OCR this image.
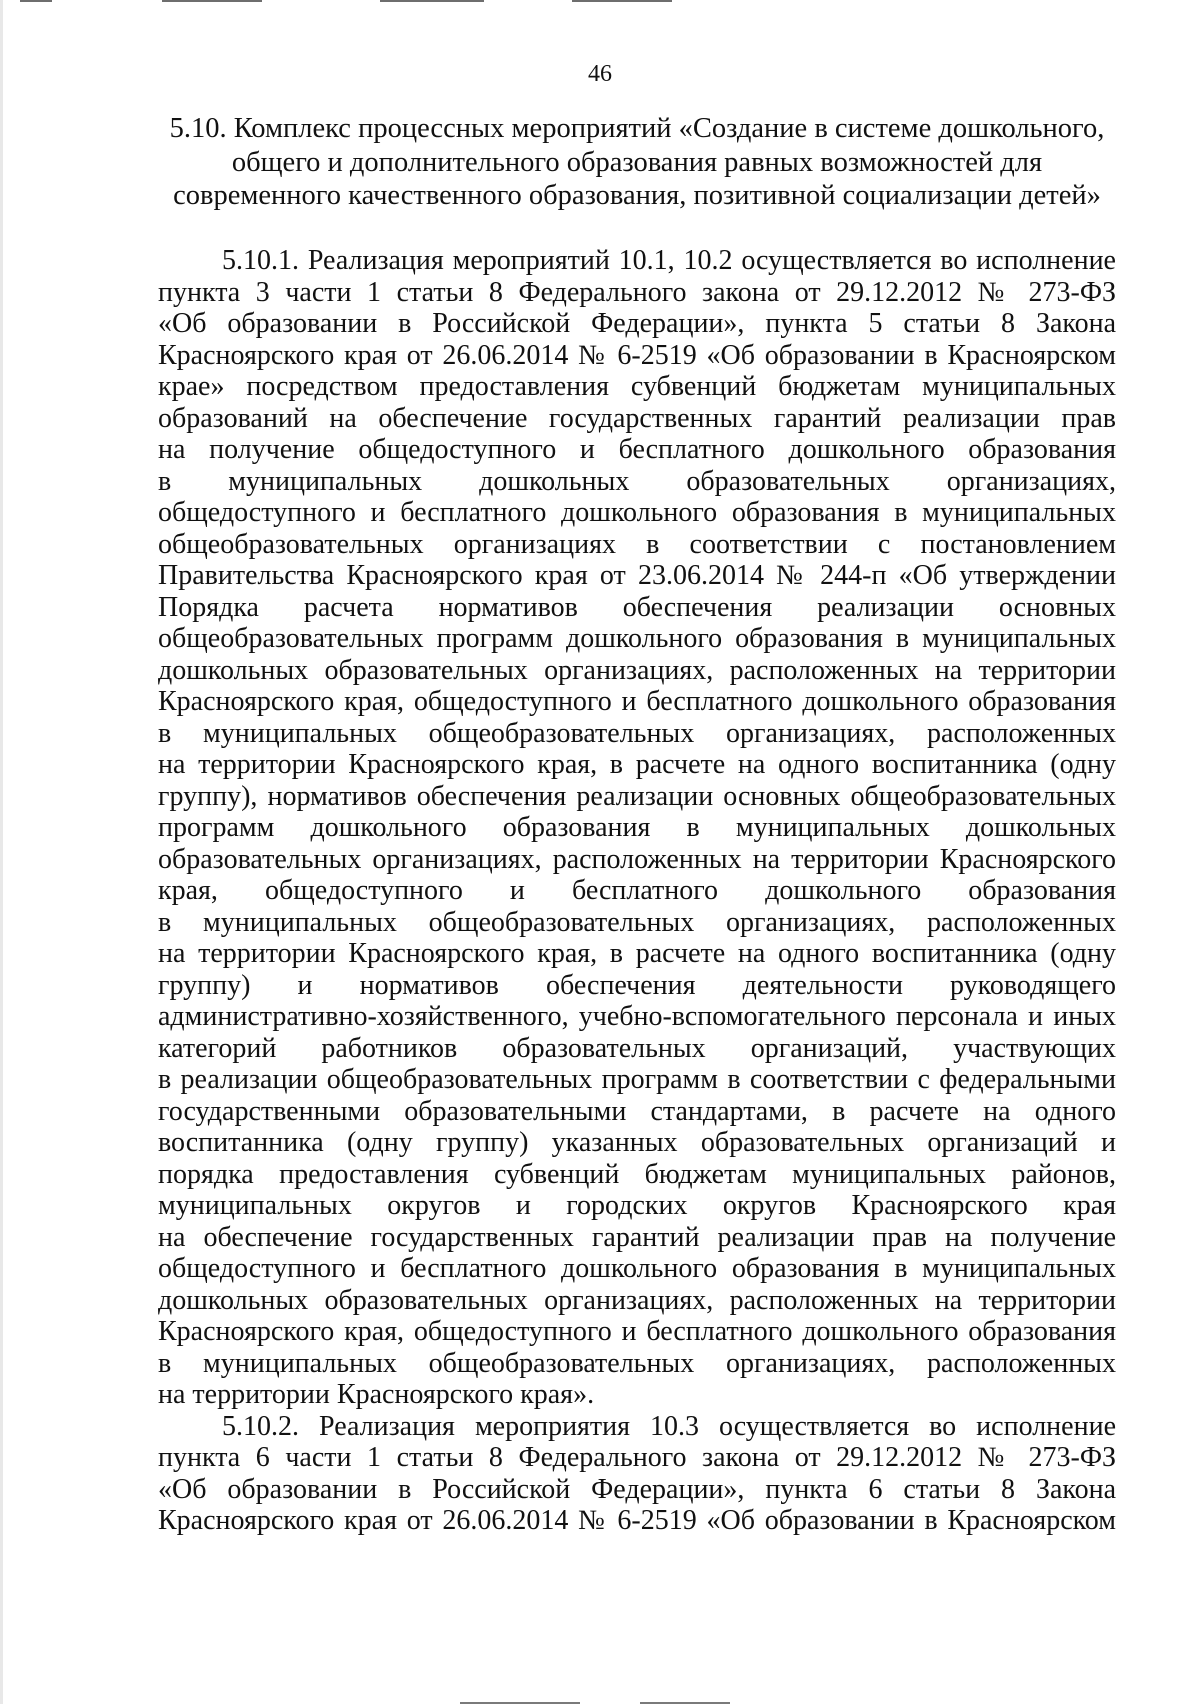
46
5.10. Комплекс процессных мероприятий «Создание в системе дошкольного,
общего и дополнительного образования равных возможностей для
современного качественного образования, позитивной социализации детей»
5.10.1. Реализация мероприятий 10.1, 10.2 осуществляется во исполнение
пункта 3 части 1 статьи 8 Федерального закона от 29.12.2012 № 273-ФЗ
«Об образовании в Российской Федерации», пункта 5 статьи 8 Закона
Красноярского края от 26.06.2014 № 6-2519 «Об образовании в Красноярском
крае» посредством предоставления субвенций бюджетам муниципальных
образований на обеспечение государственных гарантий реализации прав
на получение общедоступного и бесплатного дошкольного образования
в муниципальных дошкольных образовательных организациях,
общедоступного и бесплатного дошкольного образования в муниципальных
общеобразовательных организациях в соответствии с постановлением
Правительства Красноярского края от 23.06.2014 № 244-п «Об утверждении
Порядка расчета нормативов обеспечения реализации основных
общеобразовательных программ дошкольного образования в муниципальных
дошкольных образовательных организациях, расположенных на территории
Красноярского края, общедоступного и бесплатного дошкольного образования
в муниципальных общеобразовательных организациях, расположенных
на территории Красноярского края, в расчете на одного воспитанника (одну
группу), нормативов обеспечения реализации основных общеобразовательных
программ дошкольного образования в муниципальных дошкольных
образовательных организациях, расположенных на территории Красноярского
края, общедоступного и бесплатного дошкольного образования
в муниципальных общеобразовательных организациях, расположенных
на территории Красноярского края, в расчете на одного воспитанника (одну
группу) и нормативов обеспечения деятельности руководящего
административно-хозяйственного, учебно-вспомогательного персонала и иных
категорий работников образовательных организаций, участвующих
в реализации общеобразовательных программ в соответствии с федеральными
государственными образовательными стандартами, в расчете на одного
воспитанника (одну группу) указанных образовательных организаций и
порядка предоставления субвенций бюджетам муниципальных районов,
муниципальных округов и городских округов Красноярского края
на обеспечение государственных гарантий реализации прав на получение
общедоступного и бесплатного дошкольного образования в муниципальных
дошкольных образовательных организациях, расположенных на территории
Красноярского края, общедоступного и бесплатного дошкольного образования
в муниципальных общеобразовательных организациях, расположенных
на территории Красноярского края».
5.10.2. Реализация мероприятия 10.3 осуществляется во исполнение
пункта 6 части 1 статьи 8 Федерального закона от 29.12.2012 № 273-ФЗ
«Об образовании в Российской Федерации», пункта 6 статьи 8 Закона
Красноярского края от 26.06.2014 № 6-2519 «Об образовании в Красноярском
